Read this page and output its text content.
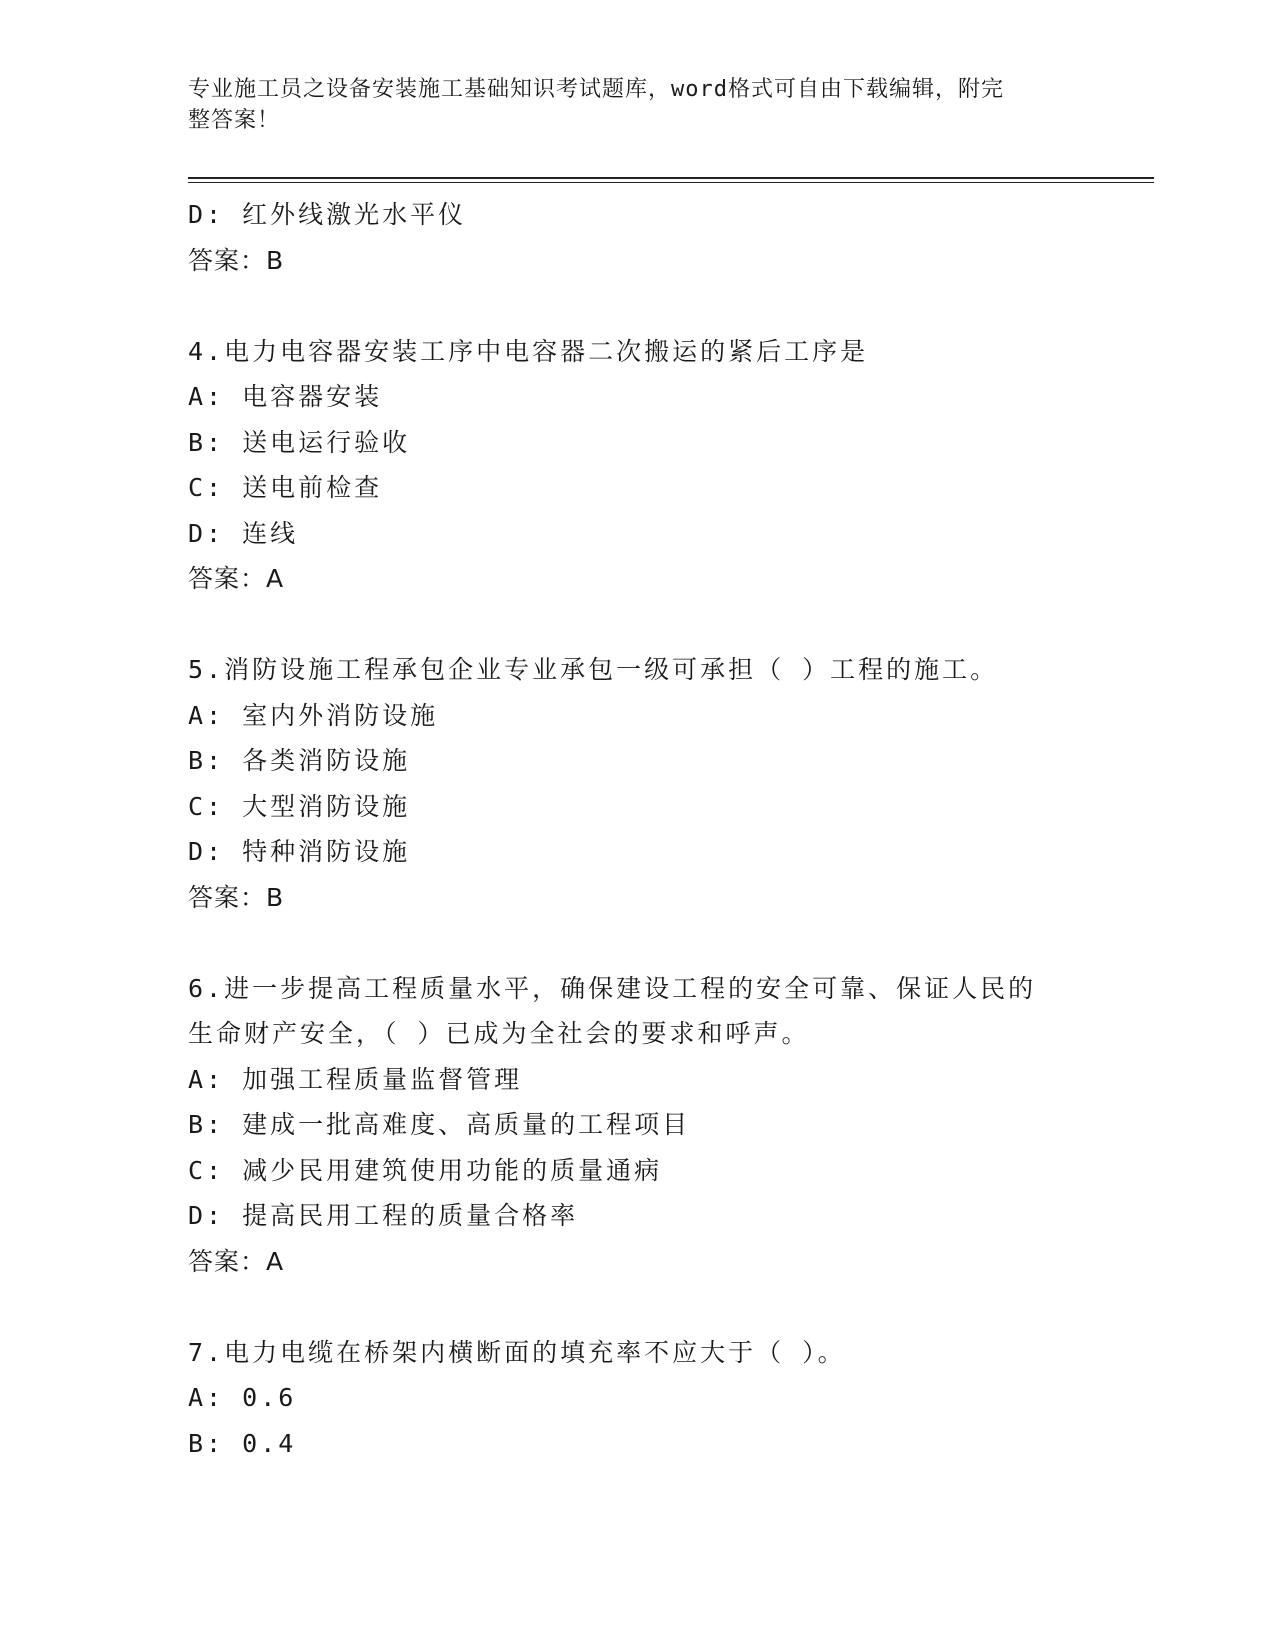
专业施工员之设备安装施工基础知识考试题库，word格式可自由下载编辑，附完
整答案！
D: 红外线激光水平仪
答案：B
4.电力电容器安装工序中电容器二次搬运的紧后工序是
A: 电容器安装
B: 送电运行验收
C: 送电前检查
D: 连线
答案：A
5.消防设施工程承包企业专业承包一级可承担（ ）工程的施工。
A: 室内外消防设施
B: 各类消防设施
C: 大型消防设施
D: 特种消防设施
答案：B
6.进一步提高工程质量水平，确保建设工程的安全可靠、保证人民的
生命财产安全，（ ）已成为全社会的要求和呼声。
A: 加强工程质量监督管理
B: 建成一批高难度、高质量的工程项目
C: 减少民用建筑使用功能的质量通病
D: 提高民用工程的质量合格率
答案：A
7.电力电缆在桥架内横断面的填充率不应大于（ ）。
A: 0.6
B: 0.4
